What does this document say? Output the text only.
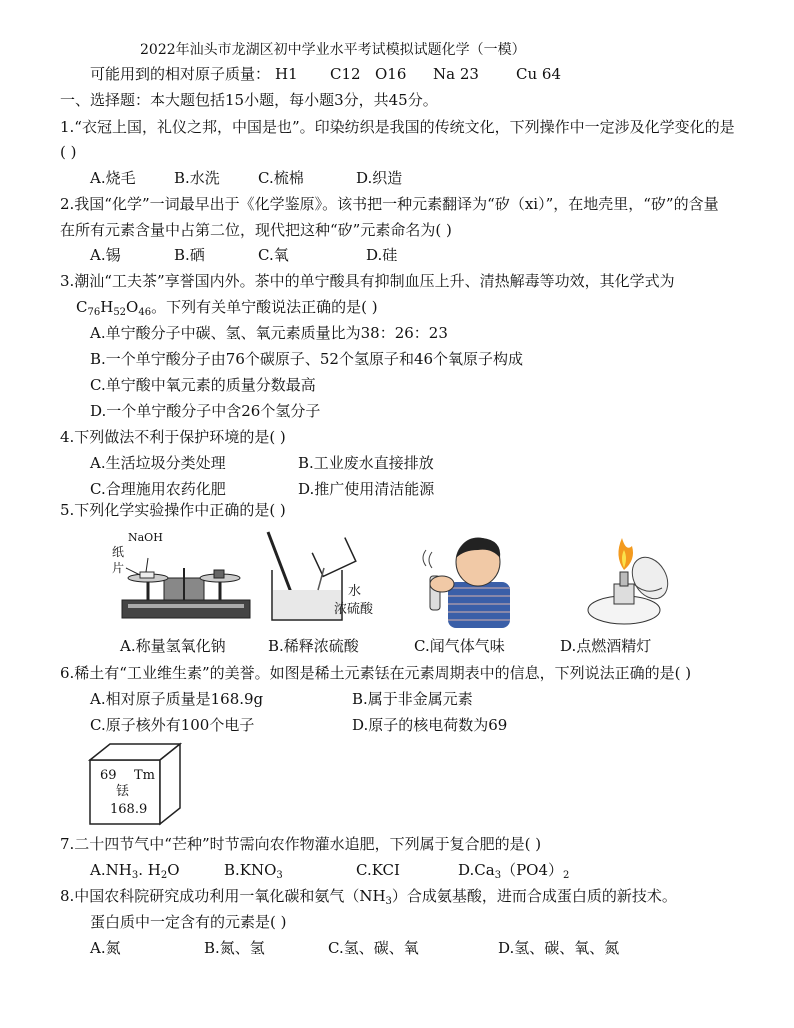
2022年汕头市龙湖区初中学业水平考试模拟试题化学（一模）
可能用到的相对原子质量： H1 C12 O16 Na 23 Cu 64
一、选择题：本大题包括15小题，每小题3分，共45分。
1.“衣冠上国，礼仪之邦，中国是也”。印染纺织是我国的传统文化，下列操作中一定涉及化学变化的是
( )
A.烧毛	B.水洗	C.梳棉	D.织造
2.我国“化学”一词最早出于《化学鉴原》。该书把一种元素翻译为“矽（xi）”，在地壳里，“矽”的含量
在所有元素含量中占第二位，现代把这种“矽”元素命名为( )
A.锡	B.硒	C.氧	D.硅
3.潮汕“工夫茶”享誉国内外。茶中的单宁酸具有抑制血压上升、清热解毒等功效，其化学式为
$C_{76}H_{52}O_{46}$。下列有关单宁酸说法正确的是( )
A.单宁酸分子中碳、氢、氧元素质量比为38：26：23
B.一个单宁酸分子由76个碳原子、52个氢原子和46个氧原子构成
C.单宁酸中氧元素的质量分数最高
D.一个单宁酸分子中含26个氢分子
4.下列做法不利于保护环境的是( )
A.生活垃圾分类处理	B.工业废水直接排放
C.合理施用农药化肥	D.推广使用清洁能源
5.下列化学实验操作中正确的是( )
NaOH
纸
片
水
浓硫酸
A.称量氢氧化钠	B.稀释浓硫酸	C.闻气体气味	D.点燃酒精灯
6.稀土有“工业维生素”的美誉。如图是稀土元素铥在元素周期表中的信息，下列说法正确的是( )
A.相对原子质量是168.9g	B.属于非金属元素
C.原子核外有100个电子	D.原子的核电荷数为69
69 Tm
铥
168.9
7.二十四节气中“芒种”时节需向农作物灌水追肥，下列属于复合肥的是( )
$A.NH_3$. $H_2O$	$B.KNO_3$	C.KCI	$D.Ca_3(PO4)_2$
8.中国农科院研究成功利用一氧化碳和氨气$(NH_3)$合成氨基酸，进而合成蛋白质的新技术。
蛋白质中一定含有的元素是( )
A.氮	B.氮、氢	C.氢、碳、氧	D.氢、碳、氧、氮
